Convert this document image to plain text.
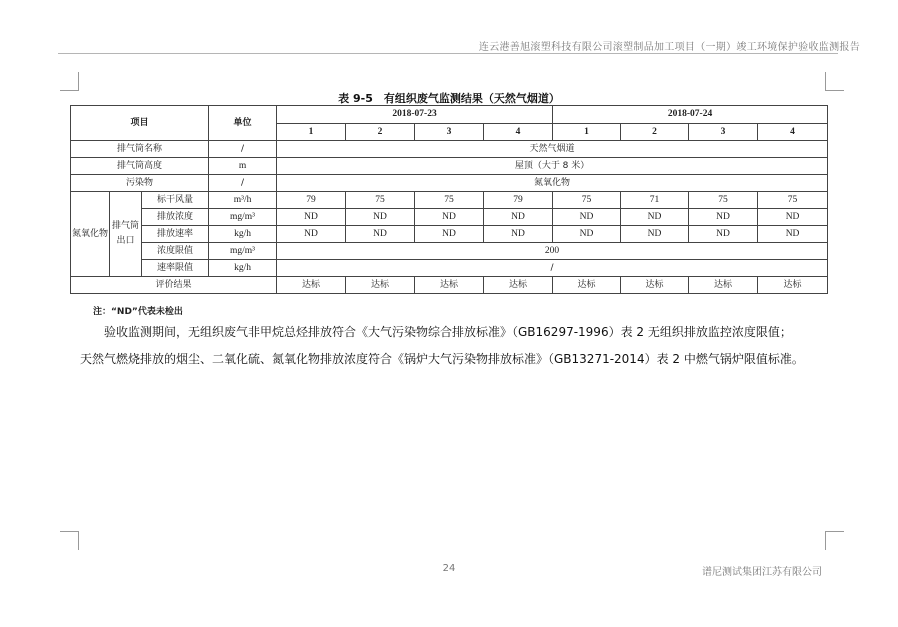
连云港善旭滚塑科技有限公司滚塑制品加工项目（一期）竣工环境保护验收监测报告
表 9-5　有组织废气监测结果（天然气烟道）
项目			单位	2018-07-23				2018-07-24			
				1	2	3	4	1	2	3	4
排气筒名称			/	天然气烟道							
排气筒高度			m	屋顶（大于 8 米）							
污染物			/	氮氧化物							
氮氧化物	排气筒出口	标干风量	m³/h	79	75	75	79	75	71	75	75
		排放浓度	mg/m³	ND	ND	ND	ND	ND	ND	ND	ND
		排放速率	kg/h	ND	ND	ND	ND	ND	ND	ND	ND
		浓度限值	mg/m³	200							
		速率限值	kg/h	/							
评价结果				达标	达标	达标	达标	达标	达标	达标	达标
注：“ND”代表未检出
验收监测期间，无组织废气非甲烷总烃排放符合《大气污染物综合排放标准》（GB16297-1996）表 2 无组织排放监控浓度限值；
天然气燃烧排放的烟尘、二氧化硫、氮氧化物排放浓度符合《锅炉大气污染物排放标准》（GB13271-2014）表 2 中燃气锅炉限值标准。
24	谱尼测试集团江苏有限公司
